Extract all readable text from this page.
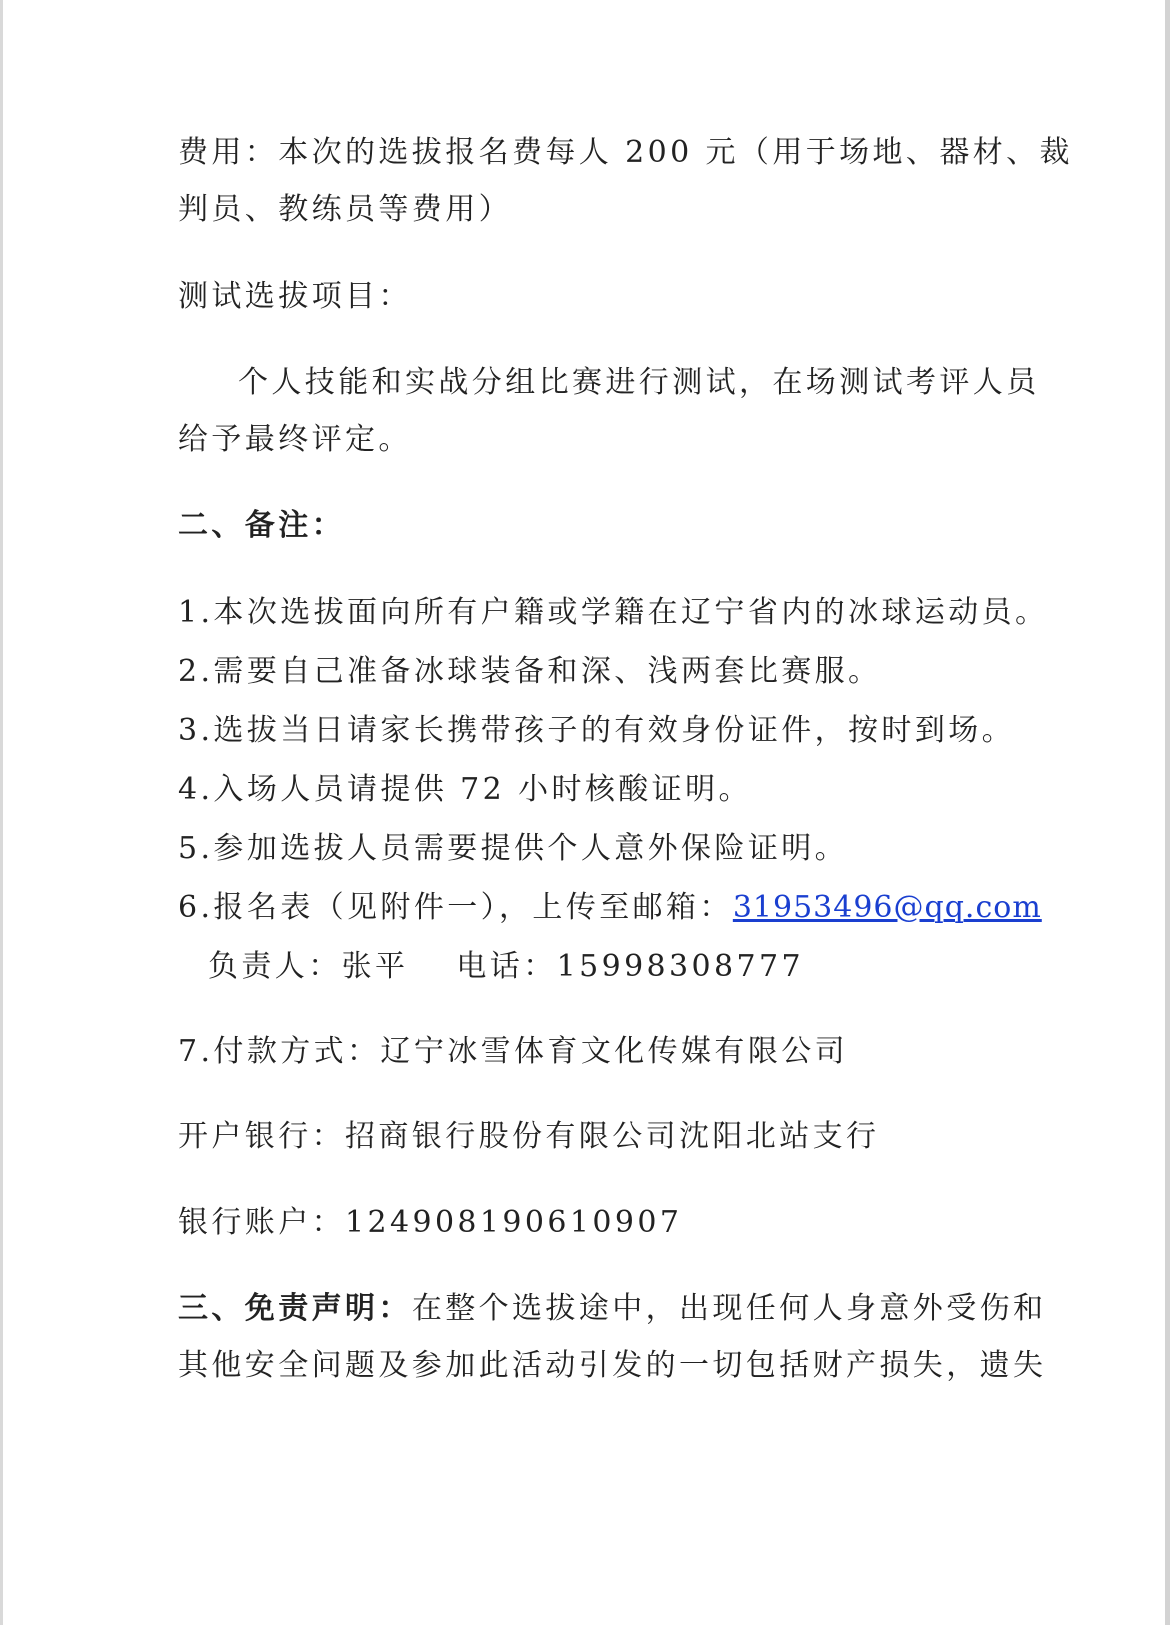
费用：本次的选拔报名费每人 200 元（用于场地、器材、裁
判员、教练员等费用）
测试选拔项目：
个人技能和实战分组比赛进行测试，在场测试考评人员
给予最终评定。
二、备注：
1.本次选拔面向所有户籍或学籍在辽宁省内的冰球运动员。
2.需要自己准备冰球装备和深、浅两套比赛服。
3.选拔当日请家长携带孩子的有效身份证件，按时到场。
4.入场人员请提供 72 小时核酸证明。
5.参加选拔人员需要提供个人意外保险证明。
6.报名表（见附件一），上传至邮箱：31953496@qq.com
负责人：张平 电话：15998308777
7.付款方式：辽宁冰雪体育文化传媒有限公司
开户银行：招商银行股份有限公司沈阳北站支行
银行账户：124908190610907
三、免责声明：在整个选拔途中，出现任何人身意外受伤和
其他安全问题及参加此活动引发的一切包括财产损失，遗失
